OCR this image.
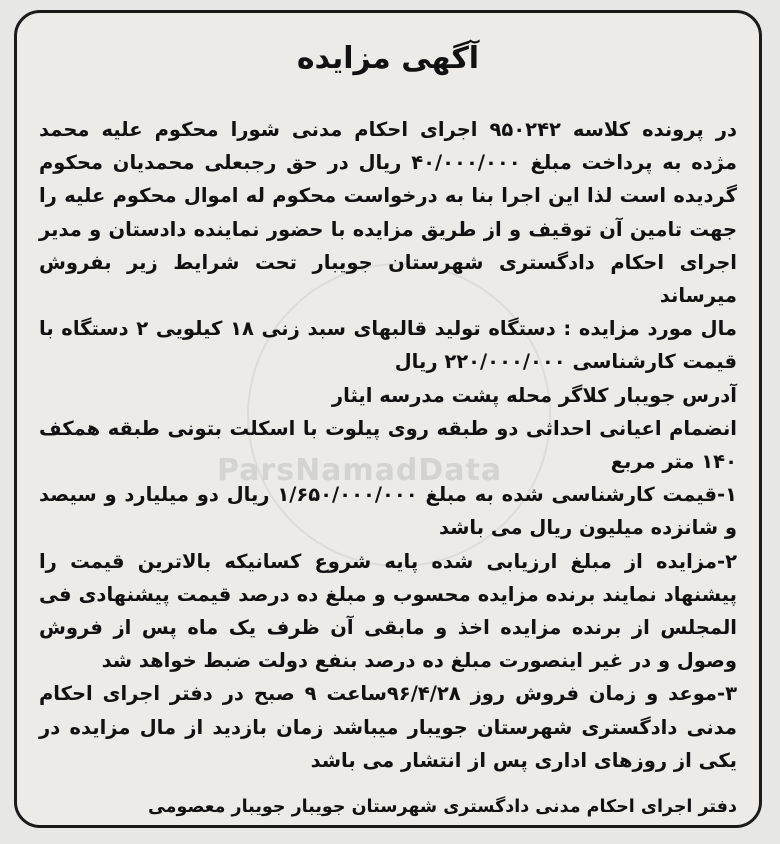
ParsNamadData
آگهی مزایده

در پرونده کلاسه ۹۵۰۲۴۲ اجرای احکام مدنی شورا محکوم علیه محمد مژده به پرداخت مبلغ ۴۰/۰۰۰/۰۰۰ ریال در حق رجبعلی محمدیان محکوم گردیده است لذا این اجرا بنا به درخواست محکوم له اموال محکوم علیه را جهت تامین آن توقیف و از طریق مزایده با حضور نماینده دادستان و مدیر اجرای احکام دادگستری شهرستان جویبار تحت شرایط زیر بفروش میرساند

مال مورد مزایده : دستگاه تولید قالبهای سبد زنی ۱۸ کیلویی ۲ دستگاه با قیمت کارشناسی ۲۲۰/۰۰۰/۰۰۰ ریال

آدرس جویبار کلاگر محله پشت مدرسه ایثار

انضمام اعیانی احداثی دو طبقه روی پیلوت با اسکلت بتونی طبقه همکف ۱۴۰ متر مربع

۱-قیمت کارشناسی شده به مبلغ ۱/۶۵۰/۰۰۰/۰۰۰ ریال دو میلیارد و سیصد و شانزده میلیون ریال می باشد

۲-مزایده از مبلغ ارزیابی شده پایه شروع کسانیکه بالاترین قیمت را پیشنهاد نمایند برنده مزایده محسوب و مبلغ ده درصد قیمت پیشنهادی فی المجلس از برنده مزایده اخذ و مابقی آن ظرف یک ماه پس از فروش وصول و در غیر اینصورت مبلغ ده درصد بنفع دولت ضبط خواهد شد

۳-موعد و زمان فروش روز ۹۶/۴/۲۸ساعت ۹ صبح در دفتر اجرای احکام مدنی دادگستری شهرستان جویبار میباشد زمان بازدید از مال مزایده در یکی از روزهای اداری پس از انتشار می باشد

دفتر اجرای احکام مدنی دادگستری شهرستان جویبار جویبار معصومی
